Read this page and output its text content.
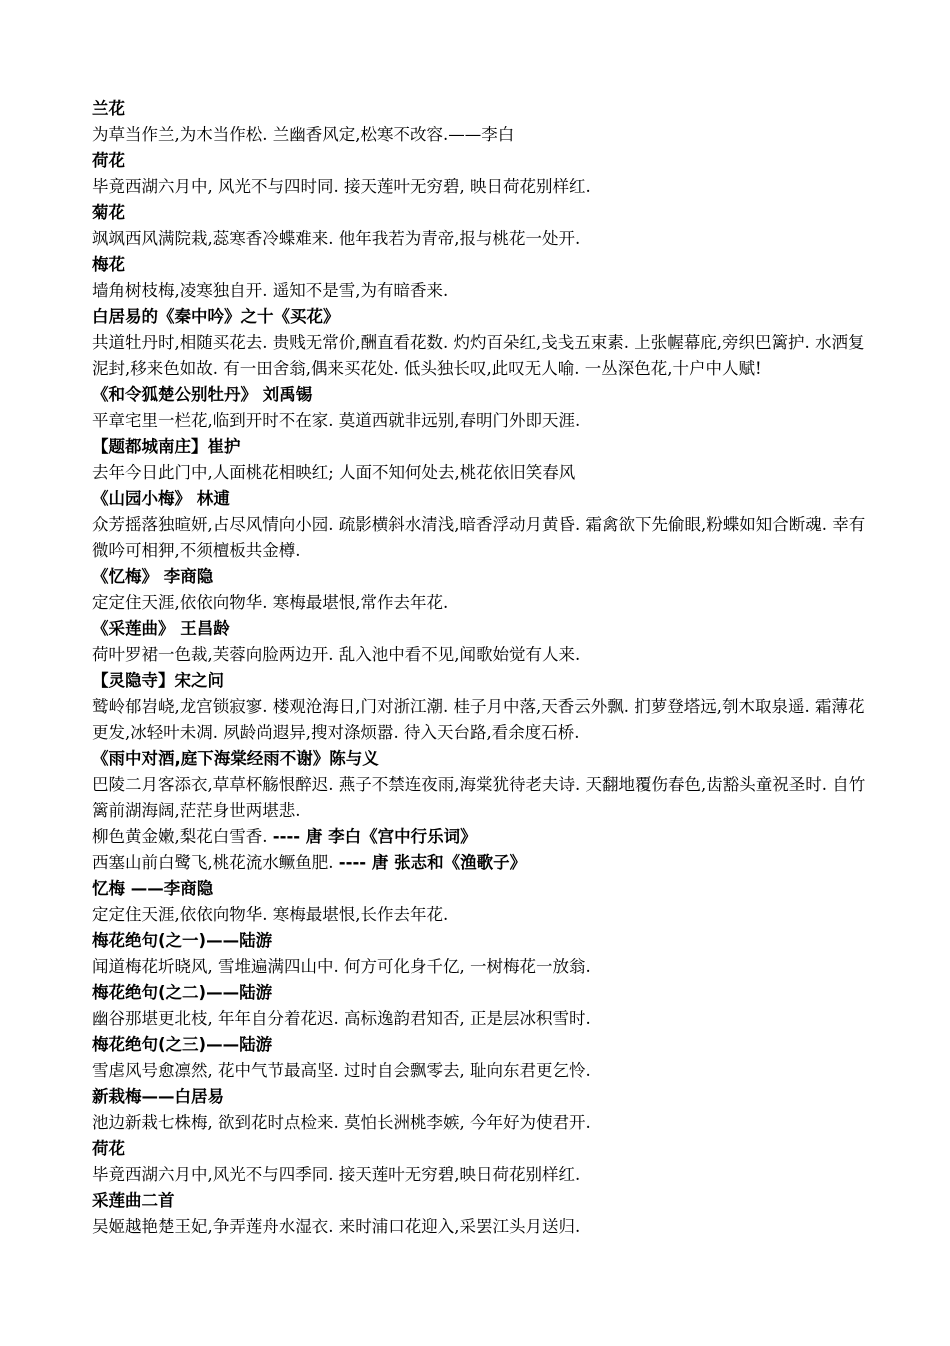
兰花
为草当作兰,为木当作松. 兰幽香风定,松寒不改容.——李白
荷花
毕竟西湖六月中, 风光不与四时同. 接天莲叶无穷碧, 映日荷花别样红.
菊花
飒飒西风满院栽,蕊寒香冷蝶难来. 他年我若为青帝,报与桃花一处开.
梅花
墙角树枝梅,凌寒独自开. 遥知不是雪,为有暗香来.
白居易的《秦中吟》之十《买花》
共道牡丹时,相随买花去. 贵贱无常价,酬直看花数. 灼灼百朵红,戋戋五束素. 上张幄幕庇,旁织巴篱护. 水洒复泥封,移来色如故. 有一田舍翁,偶来买花处. 低头独长叹,此叹无人喻. 一丛深色花,十户中人赋!
《和令狐楚公别牡丹》 刘禹锡
平章宅里一栏花,临到开时不在家. 莫道西就非远别,春明门外即天涯.
【题都城南庄】崔护
去年今日此门中,人面桃花相映红; 人面不知何处去,桃花依旧笑春风
《山园小梅》 林逋
众芳摇落独暄妍,占尽风情向小园. 疏影横斜水清浅,暗香浮动月黄昏. 霜禽欲下先偷眼,粉蝶如知合断魂. 幸有微吟可相狎,不须檀板共金樽.
《忆梅》 李商隐
定定住天涯,依依向物华. 寒梅最堪恨,常作去年花.
《采莲曲》 王昌龄
荷叶罗裙一色裁,芙蓉向脸两边开. 乱入池中看不见,闻歌始觉有人来.
【灵隐寺】宋之问
鹫岭郁岧峣,龙宫锁寂寥. 楼观沧海日,门对浙江潮. 桂子月中落,天香云外飘. 扪萝登塔远,刳木取泉遥. 霜薄花更发,冰轻叶未凋. 夙龄尚遐异,搜对涤烦嚣. 待入天台路,看余度石桥.
《雨中对酒,庭下海棠经雨不谢》陈与义
巴陵二月客添衣,草草杯觞恨醉迟. 燕子不禁连夜雨,海棠犹待老夫诗. 天翻地覆伤春色,齿豁头童祝圣时. 自竹篱前湖海阔,茫茫身世两堪悲.
柳色黄金嫩,梨花白雪香. ---- 唐 李白《宫中行乐词》
西塞山前白鹭飞,桃花流水鳜鱼肥. ---- 唐 张志和《渔歌子》
忆梅 ——李商隐
定定住天涯,依依向物华. 寒梅最堪恨,长作去年花.
梅花绝句(之一)——陆游
闻道梅花圻晓风, 雪堆遍满四山中. 何方可化身千亿, 一树梅花一放翁.
梅花绝句(之二)——陆游
幽谷那堪更北枝, 年年自分着花迟. 高标逸韵君知否, 正是层冰积雪时.
梅花绝句(之三)——陆游
雪虐风号愈凛然, 花中气节最高坚. 过时自会飘零去, 耻向东君更乞怜.
新栽梅——白居易
池边新栽七株梅, 欲到花时点检来. 莫怕长洲桃李嫉, 今年好为使君开.
荷花
毕竟西湖六月中,风光不与四季同. 接天莲叶无穷碧,映日荷花别样红.
采莲曲二首
吴姬越艳楚王妃,争弄莲舟水湿衣. 来时浦口花迎入,采罢江头月送归.
